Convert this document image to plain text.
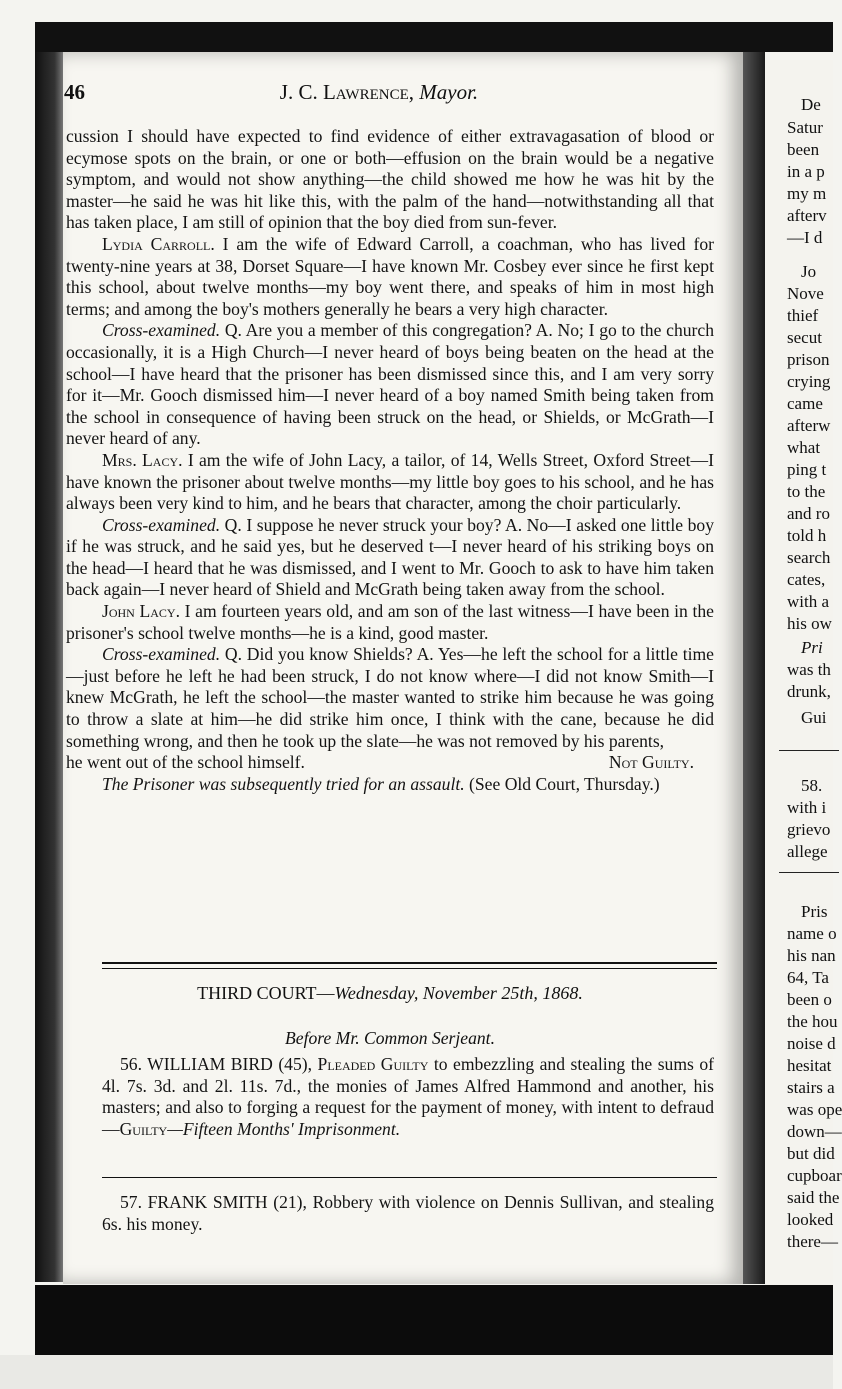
De
Satur
been
in a p
my m
afterv
—I d
Jo
Nove
thief
secut
prison
crying
came
afterw
what
ping t
to the
and ro
told h
search
cates,
with a
his ow
Pri
was th
drunk,
Gui
58.
with i
grievo
allege
Pris
name o
his nan
64, Ta
been o
the hou
noise d
hesitat
stairs a
was ope
down—
but did
cupboar
said the
looked
there—
46	J. C. Lawrence, Mayor.

cussion I should have expected to find evidence of either extravagasation of blood or ecymose spots on the brain, or one or both—effusion on the brain would be a negative symptom, and would not show anything—the child showed me how he was hit by the master—he said he was hit like this, with the palm of the hand—notwithstanding all that has taken place, I am still of opinion that the boy died from sun-fever.

Lydia Carroll. I am the wife of Edward Carroll, a coachman, who has lived for twenty-nine years at 38, Dorset Square—I have known Mr. Cosbey ever since he first kept this school, about twelve months—my boy went there, and speaks of him in most high terms; and among the boy's mothers generally he bears a very high character.

Cross-examined. Q. Are you a member of this congregation? A. No; I go to the church occasionally, it is a High Church—I never heard of boys being beaten on the head at the school—I have heard that the prisoner has been dismissed since this, and I am very sorry for it—Mr. Gooch dismissed him—I never heard of a boy named Smith being taken from the school in consequence of having been struck on the head, or Shields, or McGrath—I never heard of any.

Mrs. Lacy. I am the wife of John Lacy, a tailor, of 14, Wells Street, Oxford Street—I have known the prisoner about twelve months—my little boy goes to his school, and he has always been very kind to him, and he bears that character, among the choir particularly.

Cross-examined. Q. I suppose he never struck your boy? A. No—I asked one little boy if he was struck, and he said yes, but he deserved t—I never heard of his striking boys on the head—I heard that he was dismissed, and I went to Mr. Gooch to ask to have him taken back again—I never heard of Shield and McGrath being taken away from the school.

John Lacy. I am fourteen years old, and am son of the last witness—I have been in the prisoner's school twelve months—he is a kind, good master.

Cross-examined. Q. Did you know Shields? A. Yes—he left the school for a little time—just before he left he had been struck, I do not know where—I did not know Smith—I knew McGrath, he left the school—the master wanted to strike him because he was going to throw a slate at him—he did strike him once, I think with the cane, because he did something wrong, and then he took up the slate—he was not removed by his parents,

he went out of the school himself.	Not Guilty.

The Prisoner was subsequently tried for an assault. (See Old Court, Thursday.)

THIRD COURT—Wednesday, November 25th, 1868.
Before Mr. Common Serjeant.
56. WILLIAM BIRD (45), Pleaded Guilty to embezzling and stealing the sums of 4l. 7s. 3d. and 2l. 11s. 7d., the monies of James Alfred Hammond and another, his masters; and also to forging a request for the payment of money, with intent to defraud—Guilty—Fifteen Months' Imprisonment.
57. FRANK SMITH (21), Robbery with violence on Dennis Sullivan, and stealing 6s. his money.
